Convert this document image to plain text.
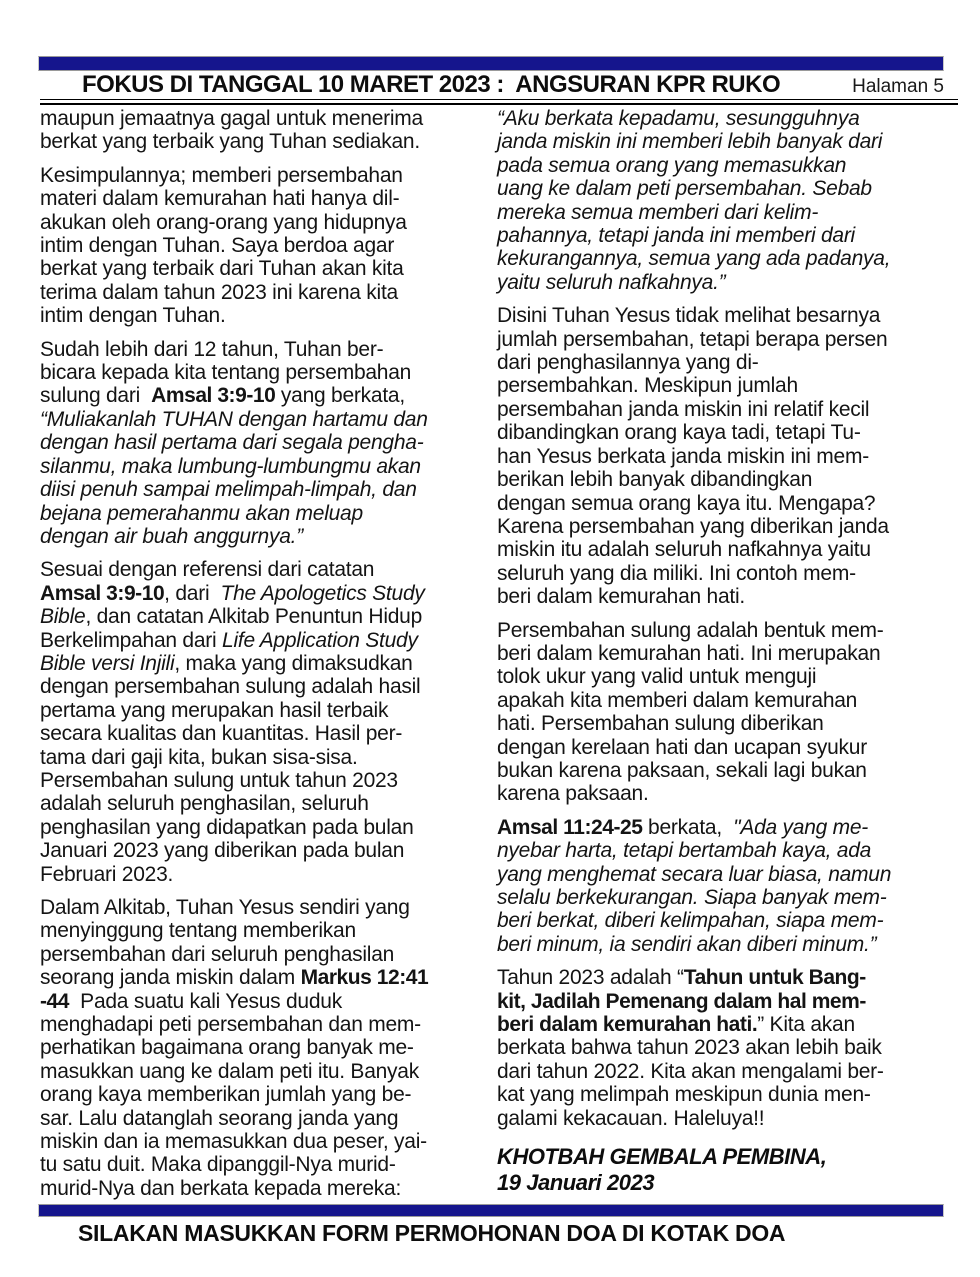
FOKUS DI TANGGAL 10 MARET 2023 :  ANGSURAN KPR RUKO	Halaman 5
maupun jemaatnya gagal untuk menerima
berkat yang terbaik yang Tuhan sediakan.
Kesimpulannya; memberi persembahan
materi dalam kemurahan hati hanya dil-
akukan oleh orang-orang yang hidupnya
intim dengan Tuhan. Saya berdoa agar
berkat yang terbaik dari Tuhan akan kita
terima dalam tahun 2023 ini karena kita
intim dengan Tuhan.
Sudah lebih dari 12 tahun, Tuhan ber-
bicara kepada kita tentang persembahan
sulung dari  Amsal 3:9-10 yang berkata,
“Muliakanlah TUHAN dengan hartamu dan
dengan hasil pertama dari segala pengha-
silanmu, maka lumbung-lumbungmu akan
diisi penuh sampai melimpah-limpah, dan
bejana pemerahanmu akan meluap
dengan air buah anggurnya.”
Sesuai dengan referensi dari catatan
Amsal 3:9-10, dari  The Apologetics Study
Bible, dan catatan Alkitab Penuntun Hidup
Berkelimpahan dari Life Application Study
Bible versi Injili, maka yang dimaksudkan
dengan persembahan sulung adalah hasil
pertama yang merupakan hasil terbaik
secara kualitas dan kuantitas. Hasil per-
tama dari gaji kita, bukan sisa-sisa.
Persembahan sulung untuk tahun 2023
adalah seluruh penghasilan, seluruh
penghasilan yang didapatkan pada bulan
Januari 2023 yang diberikan pada bulan
Februari 2023.
Dalam Alkitab, Tuhan Yesus sendiri yang
menyinggung tentang memberikan
persembahan dari seluruh penghasilan
seorang janda miskin dalam Markus 12:41
-44  Pada suatu kali Yesus duduk
menghadapi peti persembahan dan mem-
perhatikan bagaimana orang banyak me-
masukkan uang ke dalam peti itu. Banyak
orang kaya memberikan jumlah yang be-
sar. Lalu datanglah seorang janda yang
miskin dan ia memasukkan dua peser, yai-
tu satu duit. Maka dipanggil-Nya murid-
murid-Nya dan berkata kepada mereka:
“Aku berkata kepadamu, sesungguhnya
janda miskin ini memberi lebih banyak dari
pada semua orang yang memasukkan
uang ke dalam peti persembahan. Sebab
mereka semua memberi dari kelim-
pahannya, tetapi janda ini memberi dari
kekurangannya, semua yang ada padanya,
yaitu seluruh nafkahnya.”
Disini Tuhan Yesus tidak melihat besarnya
jumlah persembahan, tetapi berapa persen
dari penghasilannya yang di-
persembahkan. Meskipun jumlah
persembahan janda miskin ini relatif kecil
dibandingkan orang kaya tadi, tetapi Tu-
han Yesus berkata janda miskin ini mem-
berikan lebih banyak dibandingkan
dengan semua orang kaya itu. Mengapa?
Karena persembahan yang diberikan janda
miskin itu adalah seluruh nafkahnya yaitu
seluruh yang dia miliki. Ini contoh mem-
beri dalam kemurahan hati.
Persembahan sulung adalah bentuk mem-
beri dalam kemurahan hati. Ini merupakan
tolok ukur yang valid untuk menguji
apakah kita memberi dalam kemurahan
hati. Persembahan sulung diberikan
dengan kerelaan hati dan ucapan syukur
bukan karena paksaan, sekali lagi bukan
karena paksaan.
Amsal 11:24-25 berkata,  "Ada yang me-
nyebar harta, tetapi bertambah kaya, ada
yang menghemat secara luar biasa, namun
selalu berkekurangan. Siapa banyak mem-
beri berkat, diberi kelimpahan, siapa mem-
beri minum, ia sendiri akan diberi minum.”
Tahun 2023 adalah “Tahun untuk Bang-
kit, Jadilah Pemenang dalam hal mem-
beri dalam kemurahan hati.” Kita akan
berkata bahwa tahun 2023 akan lebih baik
dari tahun 2022. Kita akan mengalami ber-
kat yang melimpah meskipun dunia men-
galami kekacauan. Haleluya!!
KHOTBAH GEMBALA PEMBINA,
19 Januari 2023
SILAKAN MASUKKAN FORM PERMOHONAN DOA DI KOTAK DOA
